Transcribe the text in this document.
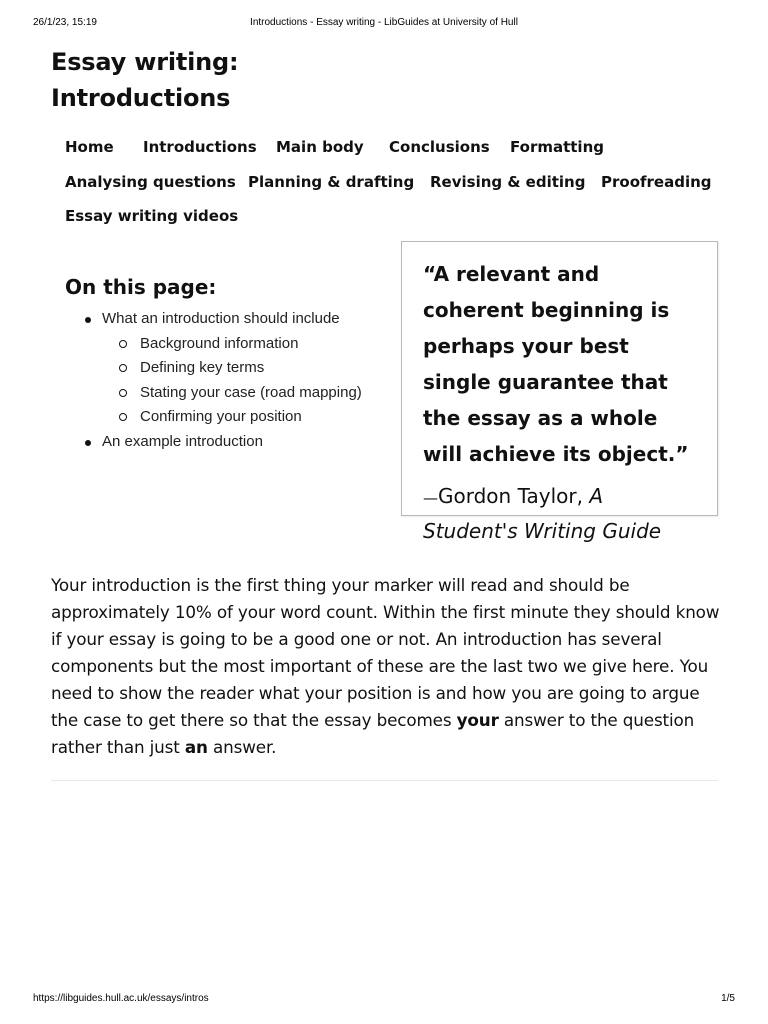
26/1/23, 15:19	Introductions - Essay writing - LibGuides at University of Hull
Essay writing:
Introductions
Home Introductions Main body Conclusions Formatting
Analysing questions Planning & drafting Revising & editing Proofreading
Essay writing videos
On this page:
What an introduction should include
Background information
Defining key terms
Stating your case (road mapping)
Confirming your position
An example introduction

“A relevant and coherent beginning is perhaps your best single guarantee that the essay as a whole will achieve its object.”

—Gordon Taylor, A Student's Writing Guide

Your introduction is the first thing your marker will read and should be approximately 10% of your word count. Within the first minute they should know if your essay is going to be a good one or not. An introduction has several components but the most important of these are the last two we give here. You need to show the reader what your position is and how you are going to argue the case to get there so that the essay becomes your answer to the question rather than just an answer.

https://libguides.hull.ac.uk/essays/intros	1/5
